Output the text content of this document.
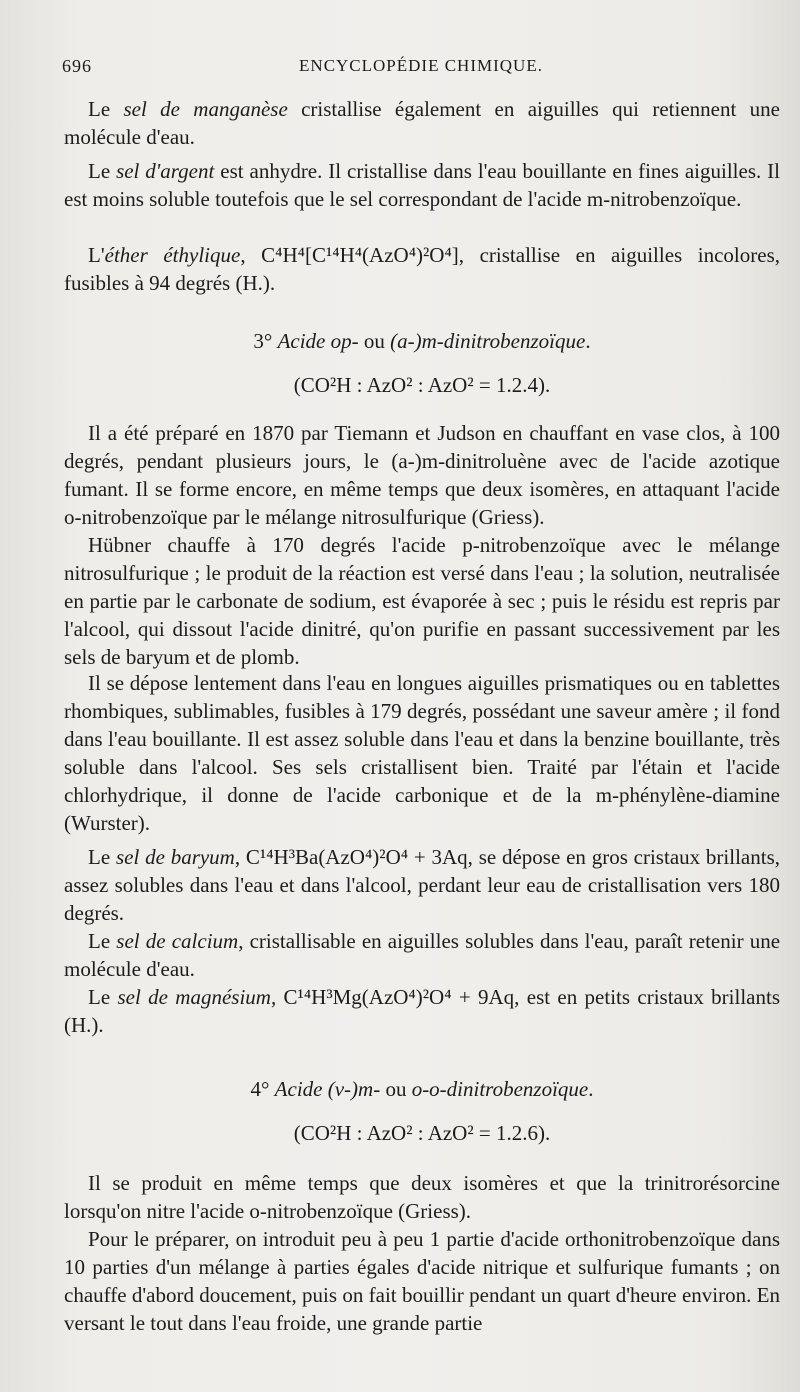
696	ENCYCLOPÉDIE CHIMIQUE.

Le sel de manganèse cristallise également en aiguilles qui retiennent une molécule d'eau.

Le sel d'argent est anhydre. Il cristallise dans l'eau bouillante en fines aiguilles. Il est moins soluble toutefois que le sel correspondant de l'acide m-nitrobenzoïque.

L'éther éthylique, C⁴H⁴[C¹⁴H⁴(AzO⁴)²O⁴], cristallise en aiguilles incolores, fusibles à 94 degrés (H.).

3° Acide op- ou (a-)m-dinitrobenzoïque.

(CO²H : AzO² : AzO² = 1.2.4).

Il a été préparé en 1870 par Tiemann et Judson en chauffant en vase clos, à 100 degrés, pendant plusieurs jours, le (a-)m-dinitroluène avec de l'acide azotique fumant. Il se forme encore, en même temps que deux isomères, en attaquant l'acide o-nitrobenzoïque par le mélange nitrosulfurique (Griess).

Hübner chauffe à 170 degrés l'acide p-nitrobenzoïque avec le mélange nitrosulfurique ; le produit de la réaction est versé dans l'eau ; la solution, neutralisée en partie par le carbonate de sodium, est évaporée à sec ; puis le résidu est repris par l'alcool, qui dissout l'acide dinitré, qu'on purifie en passant successivement par les sels de baryum et de plomb.

Il se dépose lentement dans l'eau en longues aiguilles prismatiques ou en tablettes rhombiques, sublimables, fusibles à 179 degrés, possédant une saveur amère ; il fond dans l'eau bouillante. Il est assez soluble dans l'eau et dans la benzine bouillante, très soluble dans l'alcool. Ses sels cristallisent bien. Traité par l'étain et l'acide chlorhydrique, il donne de l'acide carbonique et de la m-phénylène-diamine (Wurster).

Le sel de baryum, C¹⁴H³Ba(AzO⁴)²O⁴ + 3Aq, se dépose en gros cristaux brillants, assez solubles dans l'eau et dans l'alcool, perdant leur eau de cristallisation vers 180 degrés.

Le sel de calcium, cristallisable en aiguilles solubles dans l'eau, paraît retenir une molécule d'eau.

Le sel de magnésium, C¹⁴H³Mg(AzO⁴)²O⁴ + 9Aq, est en petits cristaux brillants (H.).

4° Acide (v-)m- ou o-o-dinitrobenzoïque.

(CO²H : AzO² : AzO² = 1.2.6).

Il se produit en même temps que deux isomères et que la trinitrorésorcine lorsqu'on nitre l'acide o-nitrobenzoïque (Griess).

Pour le préparer, on introduit peu à peu 1 partie d'acide orthonitrobenzoïque dans 10 parties d'un mélange à parties égales d'acide nitrique et sulfurique fumants ; on chauffe d'abord doucement, puis on fait bouillir pendant un quart d'heure environ. En versant le tout dans l'eau froide, une grande partie
